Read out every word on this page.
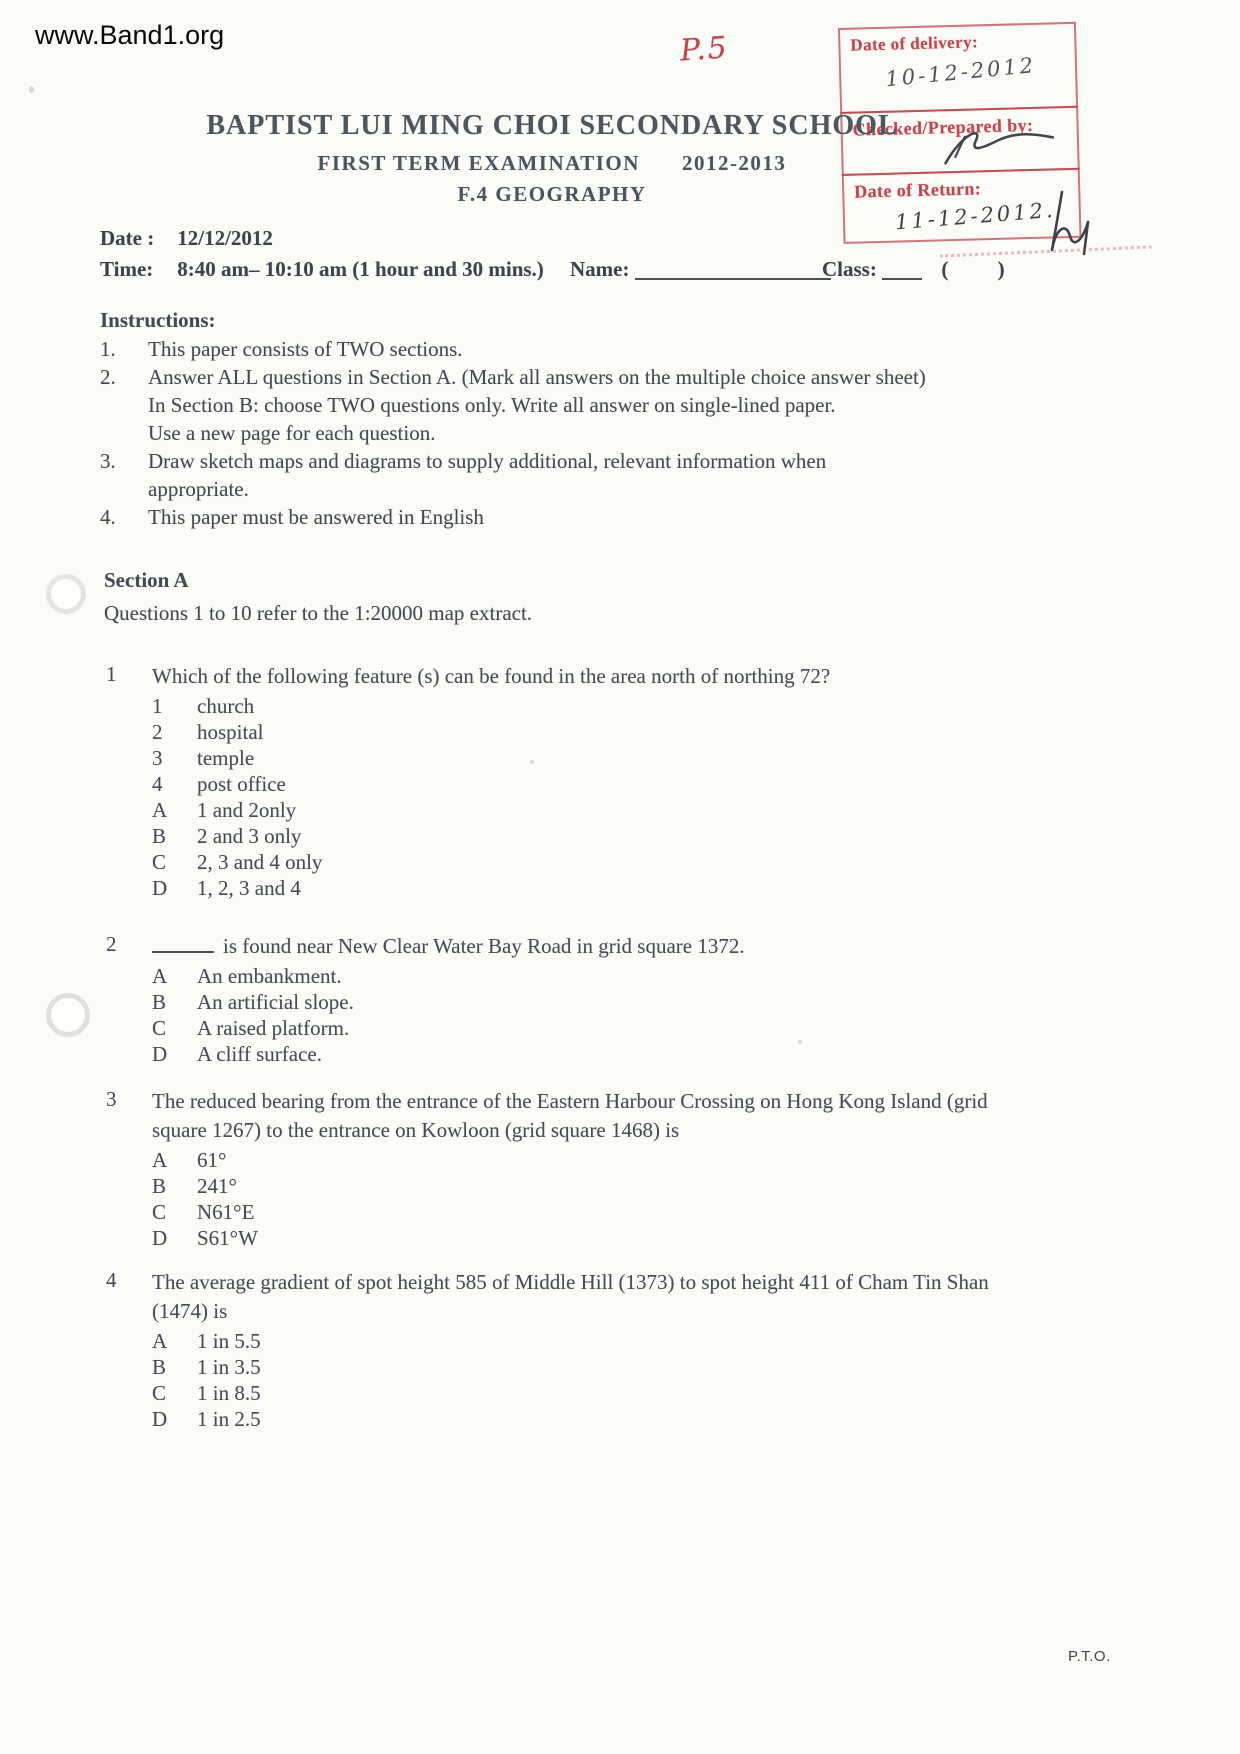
www.Band1.org	P.5	Date of delivery:
10-12-2012
Checked/Prepared by:
Date of Return:
11-12-2012.
BAPTIST LUI MING CHOI SECONDARY SCHOOL
FIRST TERM EXAMINATION 2012-2013
F.4 GEOGRAPHY
Date : 12/12/2012
Time: 8:40 am– 10:10 am (1 hour and 30 mins.) Name:	Class:	( )
Instructions:
1.	This paper consists of TWO sections.
2.	Answer ALL questions in Section A. (Mark all answers on the multiple choice answer sheet)
In Section B: choose TWO questions only. Write all answer on single-lined paper.
Use a new page for each question.
3.	Draw sketch maps and diagrams to supply additional, relevant information when
appropriate.
4.	This paper must be answered in English
Section A
Questions 1 to 10 refer to the 1:20000 map extract.
1	Which of the following feature (s) can be found in the area north of northing 72?
1	church
2	hospital
3	temple
4	post office
A	1 and 2only
B	2 and 3 only
C	2, 3 and 4 only
D	1, 2, 3 and 4
2	is found near New Clear Water Bay Road in grid square 1372.
A	An embankment.
B	An artificial slope.
C	A raised platform.
D	A cliff surface.
3	The reduced bearing from the entrance of the Eastern Harbour Crossing on Hong Kong Island (grid
square 1267) to the entrance on Kowloon (grid square 1468) is
A	61°
B	241°
C	N61°E
D	S61°W
4	The average gradient of spot height 585 of Middle Hill (1373) to spot height 411 of Cham Tin Shan
(1474) is
A	1 in 5.5
B	1 in 3.5
C	1 in 8.5
D	1 in 2.5
P.T.O.
